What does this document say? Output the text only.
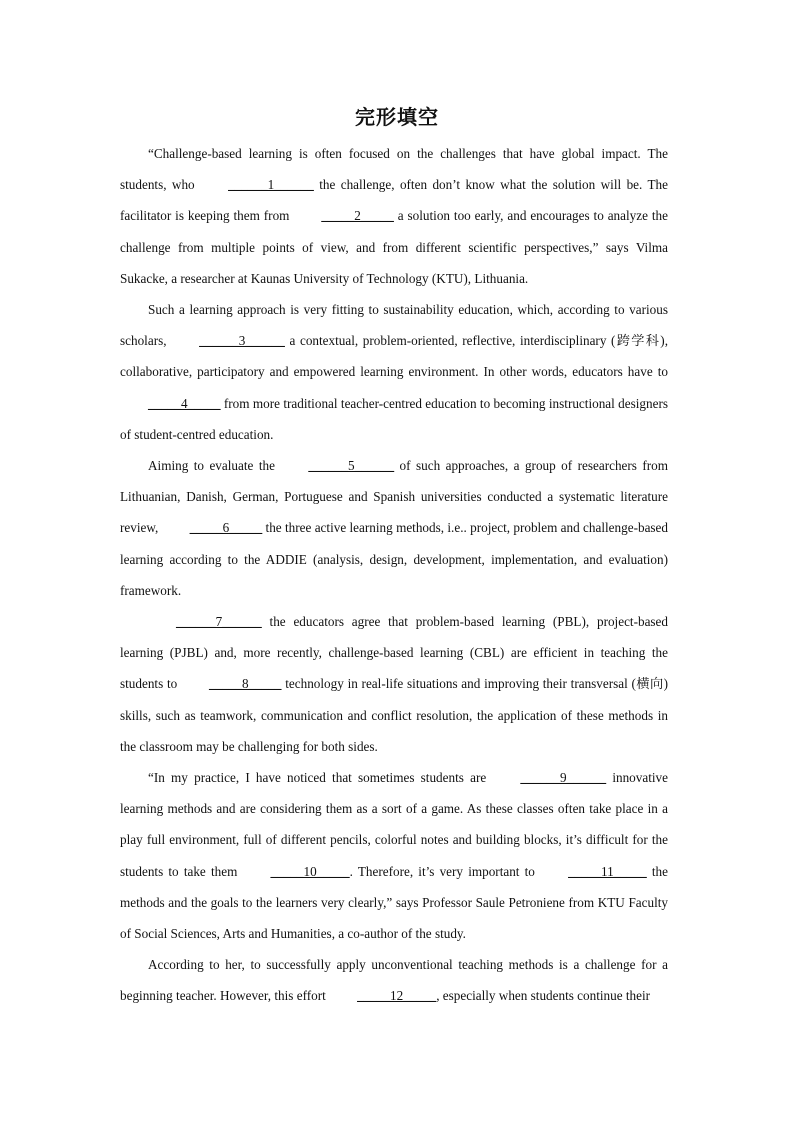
完形填空

“Challenge-based learning is often focused on the challenges that have global impact. The students, who ______1______ the challenge, often don’t know what the solution will be. The facilitator is keeping them from _____2_____ a solution too early, and encourages to analyze the challenge from multiple points of view, and from different scientific perspectives,” says Vilma Sukacke, a researcher at Kaunas University of Technology (KTU), Lithuania.

Such a learning approach is very fitting to sustainability education, which, according to various scholars, ______3______ a contextual, problem-oriented, reflective, interdisciplinary (跨学科), collaborative, participatory and empowered learning environment. In other words, educators have to _____4_____ from more traditional teacher-centred education to becoming instructional designers of student-centred education.

Aiming to evaluate the ______5______ of such approaches, a group of researchers from Lithuanian, Danish, German, Portuguese and Spanish universities conducted a systematic literature review, _____6_____ the three active learning methods, i.e.. project, problem and challenge-based learning according to the ADDIE (analysis, design, development, implementation, and evaluation) framework.

______7______ the educators agree that problem-based learning (PBL), project-based learning (PJBL) and, more recently, challenge-based learning (CBL) are efficient in teaching the students to _____8_____ technology in real-life situations and improving their transversal (横向) skills, such as teamwork, communication and conflict resolution, the application of these methods in the classroom may be challenging for both sides.

“In my practice, I have noticed that sometimes students are ______9______ innovative learning methods and are considering them as a sort of a game. As these classes often take place in a play full environment, full of different pencils, colorful notes and building blocks, it’s difficult for the students to take them _____10_____. Therefore, it’s very important to _____11_____ the methods and the goals to the learners very clearly,” says Professor Saule Petroniene from KTU Faculty of Social Sciences, Arts and Humanities, a co-author of the study.

According to her, to successfully apply unconventional teaching methods is a challenge for a beginning teacher. However, this effort _____12_____, especially when students continue their
